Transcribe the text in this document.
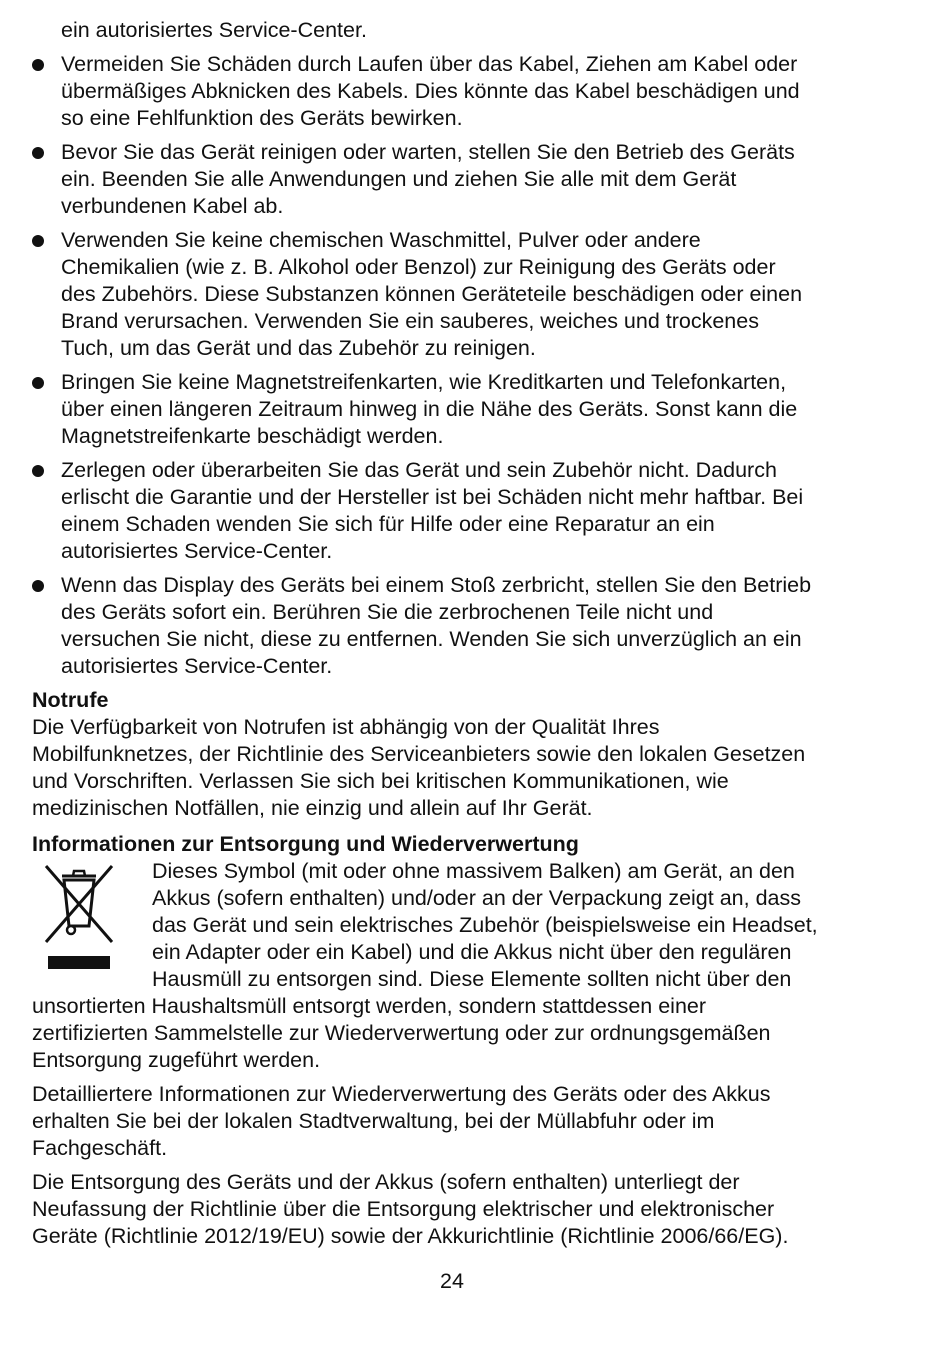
ein autorisiertes Service-Center.
Vermeiden Sie Schäden durch Laufen über das Kabel, Ziehen am Kabel oder
übermäßiges Abknicken des Kabels. Dies könnte das Kabel beschädigen und
so eine Fehlfunktion des Geräts bewirken.
Bevor Sie das Gerät reinigen oder warten, stellen Sie den Betrieb des Geräts
ein. Beenden Sie alle Anwendungen und ziehen Sie alle mit dem Gerät
verbundenen Kabel ab.
Verwenden Sie keine chemischen Waschmittel, Pulver oder andere
Chemikalien (wie z. B. Alkohol oder Benzol) zur Reinigung des Geräts oder
des Zubehörs. Diese Substanzen können Geräteteile beschädigen oder einen
Brand verursachen. Verwenden Sie ein sauberes, weiches und trockenes
Tuch, um das Gerät und das Zubehör zu reinigen.
Bringen Sie keine Magnetstreifenkarten, wie Kreditkarten und Telefonkarten,
über einen längeren Zeitraum hinweg in die Nähe des Geräts. Sonst kann die
Magnetstreifenkarte beschädigt werden.
Zerlegen oder überarbeiten Sie das Gerät und sein Zubehör nicht. Dadurch
erlischt die Garantie und der Hersteller ist bei Schäden nicht mehr haftbar. Bei
einem Schaden wenden Sie sich für Hilfe oder eine Reparatur an ein
autorisiertes Service-Center.
Wenn das Display des Geräts bei einem Stoß zerbricht, stellen Sie den Betrieb
des Geräts sofort ein. Berühren Sie die zerbrochenen Teile nicht und
versuchen Sie nicht, diese zu entfernen. Wenden Sie sich unverzüglich an ein
autorisiertes Service-Center.
Notrufe
Die Verfügbarkeit von Notrufen ist abhängig von der Qualität Ihres
Mobilfunknetzes, der Richtlinie des Serviceanbieters sowie den lokalen Gesetzen
und Vorschriften. Verlassen Sie sich bei kritischen Kommunikationen, wie
medizinischen Notfällen, nie einzig und allein auf Ihr Gerät.
Informationen zur Entsorgung und Wiederverwertung
Dieses Symbol (mit oder ohne massivem Balken) am Gerät, an den
Akkus (sofern enthalten) und/oder an der Verpackung zeigt an, dass
das Gerät und sein elektrisches Zubehör (beispielsweise ein Headset,
ein Adapter oder ein Kabel) und die Akkus nicht über den regulären
Hausmüll zu entsorgen sind. Diese Elemente sollten nicht über den
unsortierten Haushaltsmüll entsorgt werden, sondern stattdessen einer
zertifizierten Sammelstelle zur Wiederverwertung oder zur ordnungsgemäßen
Entsorgung zugeführt werden.
Detailliertere Informationen zur Wiederverwertung des Geräts oder des Akkus
erhalten Sie bei der lokalen Stadtverwaltung, bei der Müllabfuhr oder im
Fachgeschäft.
Die Entsorgung des Geräts und der Akkus (sofern enthalten) unterliegt der
Neufassung der Richtlinie über die Entsorgung elektrischer und elektronischer
Geräte (Richtlinie 2012/19/EU) sowie der Akkurichtlinie (Richtlinie 2006/66/EG).
24
